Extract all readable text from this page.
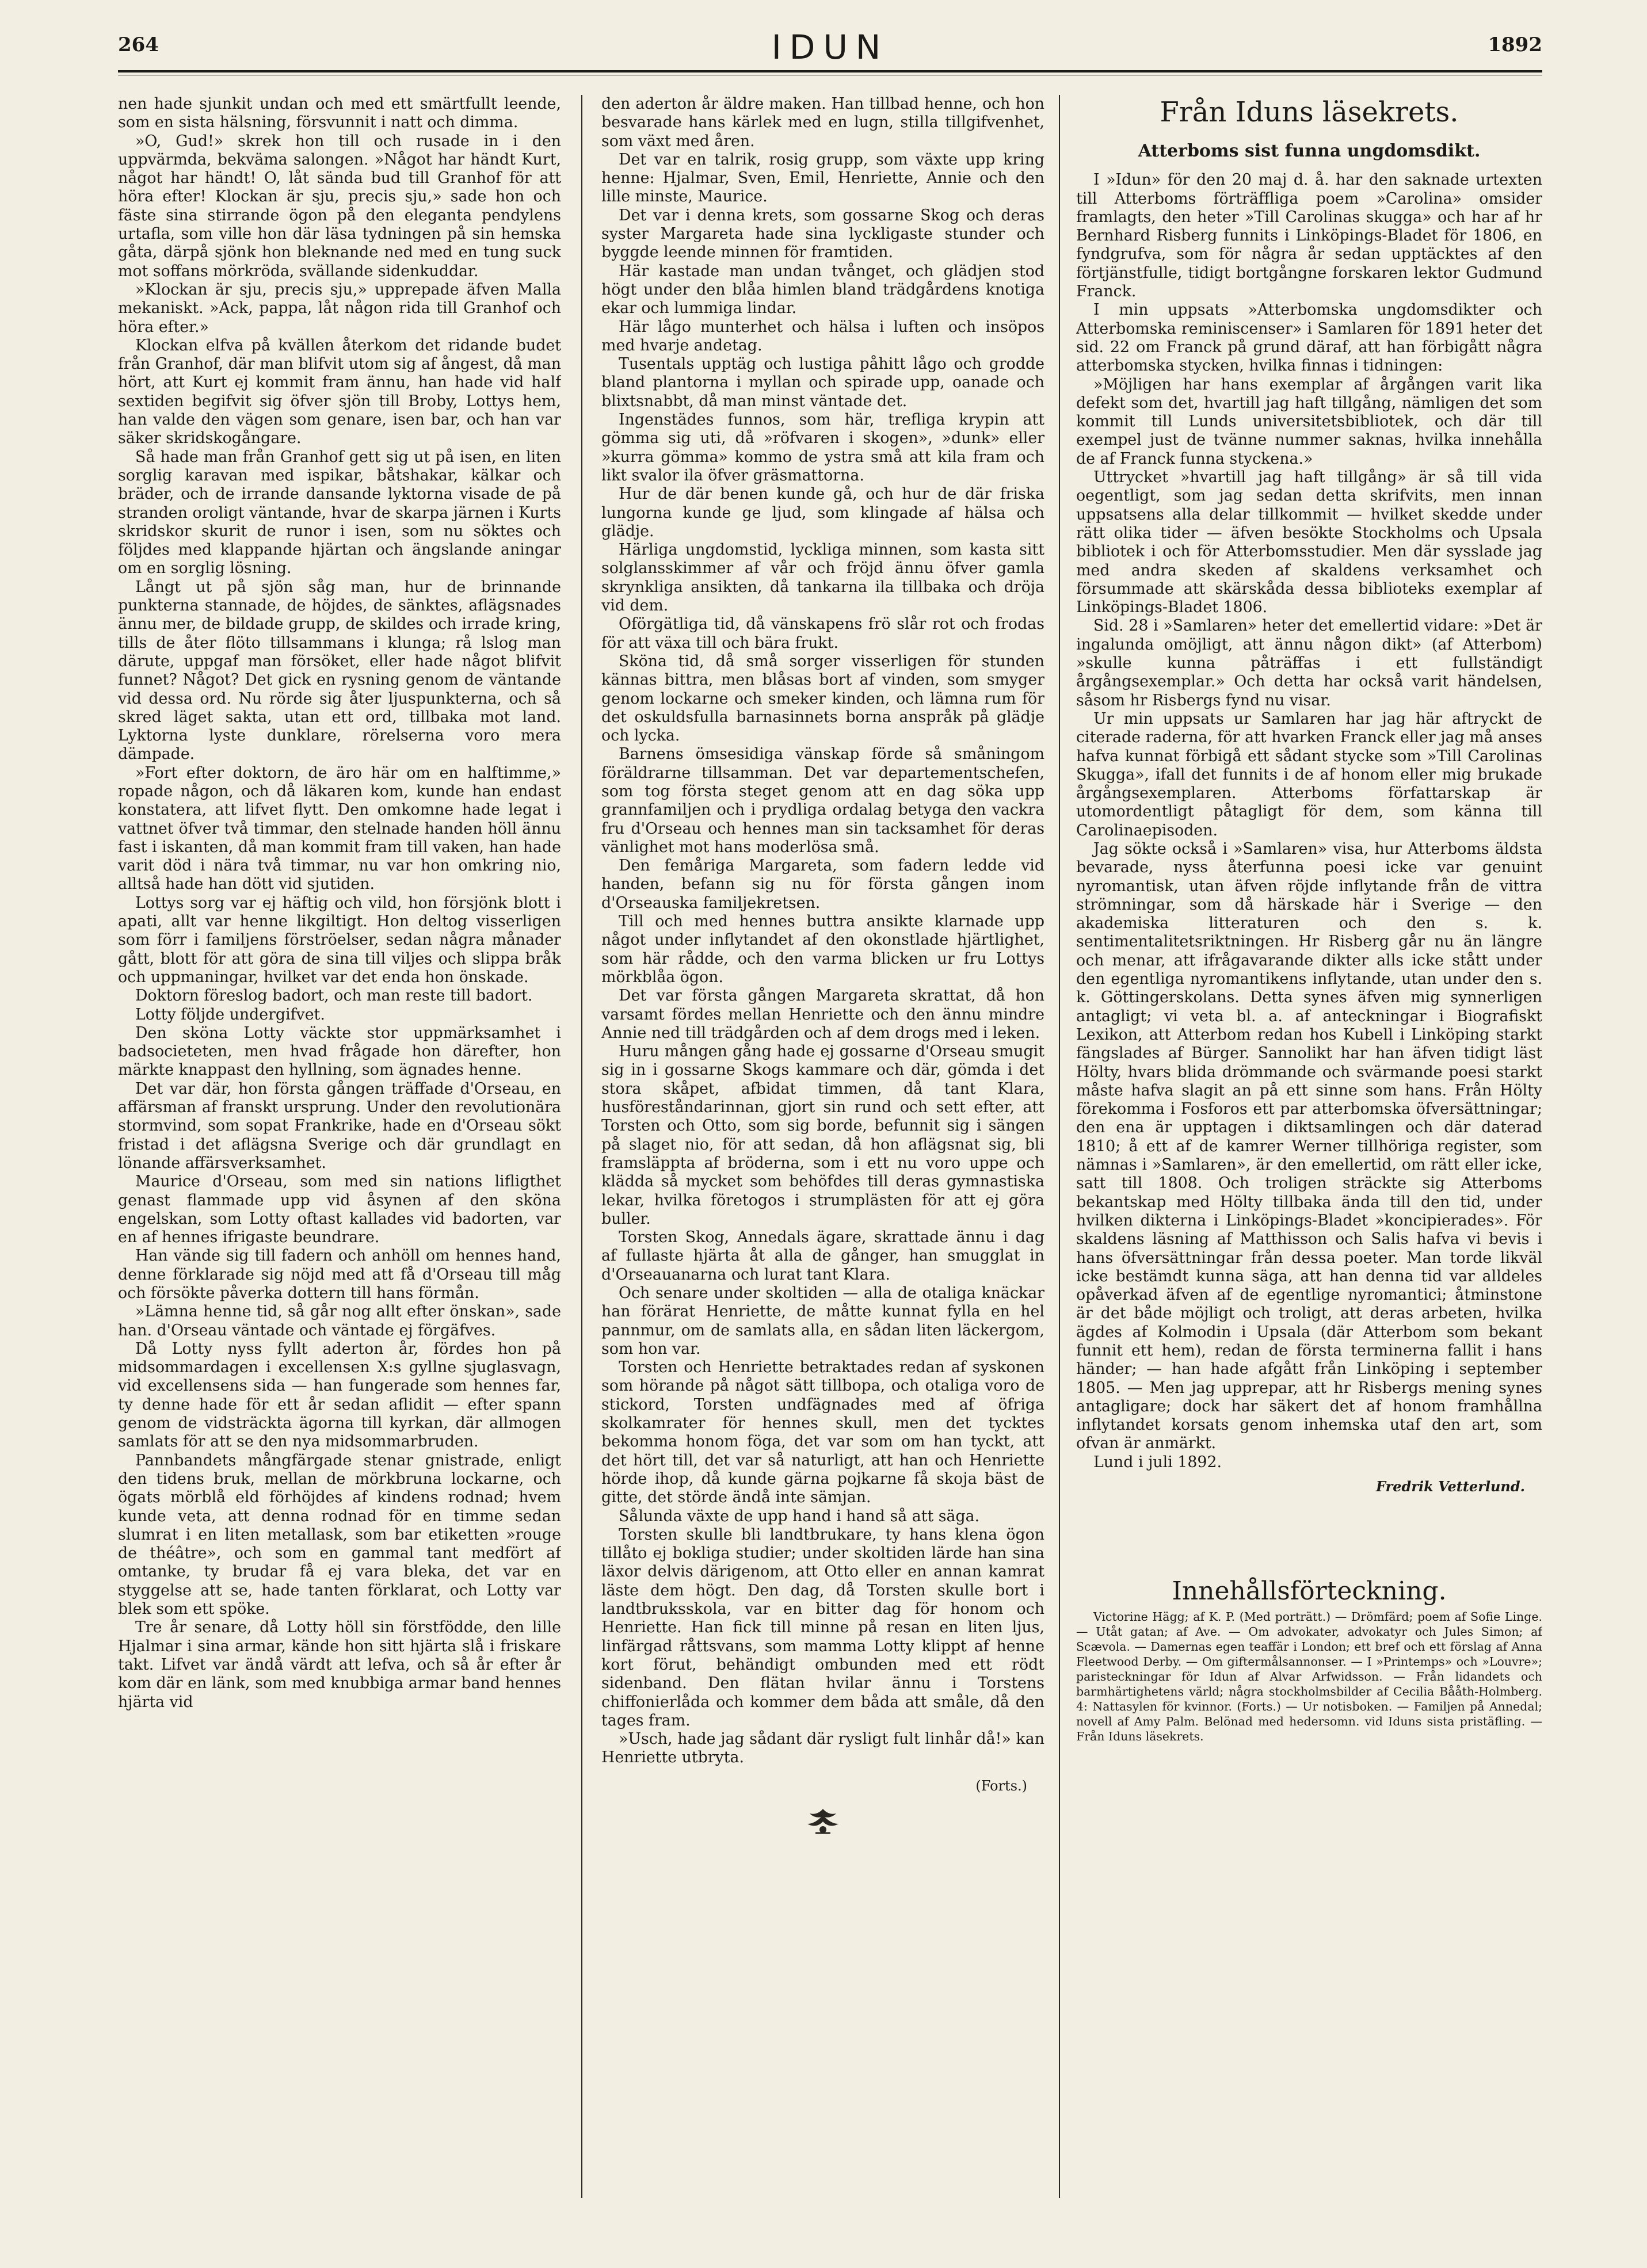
264	IDUN	1892

nen hade sjunkit undan och med ett smärtfullt leende, som en sista hälsning, försvunnit i natt och dimma.

»O, Gud!» skrek hon till och rusade in i den uppvärmda, bekväma salongen. »Något har händt Kurt, något har händt! O, låt sända bud till Granhof för att höra efter! Klockan är sju, precis sju,» sade hon och fäste sina stirrande ögon på den eleganta pendylens urtafla, som ville hon där läsa tydningen på sin hemska gåta, därpå sjönk hon bleknande ned med en tung suck mot soffans mörkröda, svällande sidenkuddar.

»Klockan är sju, precis sju,» upprepade äfven Malla mekaniskt. »Ack, pappa, låt någon rida till Granhof och höra efter.»

Klockan elfva på kvällen återkom det ridande budet från Granhof, där man blifvit utom sig af ångest, då man hört, att Kurt ej kommit fram ännu, han hade vid half sextiden begifvit sig öfver sjön till Broby, Lottys hem, han valde den vägen som genare, isen bar, och han var säker skridskogångare.

Så hade man från Granhof gett sig ut på isen, en liten sorglig karavan med ispikar, båtshakar, kälkar och bräder, och de irrande dansande lyktorna visade de på stranden oroligt väntande, hvar de skarpa järnen i Kurts skridskor skurit de runor i isen, som nu söktes och följdes med klappande hjärtan och ängslande aningar om en sorglig lösning.

Långt ut på sjön såg man, hur de brinnande punkterna stannade, de höjdes, de sänktes, aflägsnades ännu mer, de bildade grupp, de skildes och irrade kring, tills de åter flöto tillsammans i klunga; rå lslog man därute, uppgaf man försöket, eller hade något blifvit funnet? Något? Det gick en rysning genom de väntande vid dessa ord. Nu rörde sig åter ljuspunkterna, och så skred läget sakta, utan ett ord, tillbaka mot land. Lyktorna lyste dunklare, rörelserna voro mera dämpade.

»Fort efter doktorn, de äro här om en halftimme,» ropade någon, och då läkaren kom, kunde han endast konstatera, att lifvet flytt. Den omkomne hade legat i vattnet öfver två timmar, den stelnade handen höll ännu fast i iskanten, då man kommit fram till vaken, han hade varit död i nära två timmar, nu var hon omkring nio, alltså hade han dött vid sjutiden.

Lottys sorg var ej häftig och vild, hon försjönk blott i apati, allt var henne likgiltigt. Hon deltog visserligen som förr i familjens förströelser, sedan några månader gått, blott för att göra de sina till viljes och slippa bråk och uppmaningar, hvilket var det enda hon önskade.

Doktorn föreslog badort, och man reste till badort.

Lotty följde undergifvet.

Den sköna Lotty väckte stor uppmärksamhet i badsocieteten, men hvad frågade hon därefter, hon märkte knappast den hyllning, som ägnades henne.

Det var där, hon första gången träffade d'Orseau, en affärsman af franskt ursprung. Under den revolutionära stormvind, som sopat Frankrike, hade en d'Orseau sökt fristad i det aflägsna Sverige och där grundlagt en lönande affärsverksamhet.

Maurice d'Orseau, som med sin nations lifligthet genast flammade upp vid åsynen af den sköna engelskan, som Lotty oftast kallades vid badorten, var en af hennes ifrigaste beundrare.

Han vände sig till fadern och anhöll om hennes hand, denne förklarade sig nöjd med att få d'Orseau till måg och försökte påverka dottern till hans förmån.

»Lämna henne tid, så går nog allt efter önskan», sade han. d'Orseau väntade och väntade ej förgäfves.

Då Lotty nyss fyllt aderton år, fördes hon på midsommardagen i excellensen X:s gyllne sjuglasvagn, vid excellensens sida — han fungerade som hennes far, ty denne hade för ett år sedan aflidit — efter spann genom de vidsträckta ägorna till kyrkan, där allmogen samlats för att se den nya midsommarbruden.

Pannbandets mångfärgade stenar gnistrade, enligt den tidens bruk, mellan de mörkbruna lockarne, och ögats mörblå eld förhöjdes af kindens rodnad; hvem kunde veta, att denna rodnad för en timme sedan slumrat i en liten metallask, som bar etiketten »rouge de théâtre», och som en gammal tant medfört af omtanke, ty brudar få ej vara bleka, det var en styggelse att se, hade tanten förklarat, och Lotty var blek som ett spöke.

Tre år senare, då Lotty höll sin förstfödde, den lille Hjalmar i sina armar, kände hon sitt hjärta slå i friskare takt. Lifvet var ändå värdt att lefva, och så år efter år kom där en länk, som med knubbiga armar band hennes hjärta vid

den aderton år äldre maken. Han tillbad henne, och hon besvarade hans kärlek med en lugn, stilla tillgifvenhet, som växt med åren.

Det var en talrik, rosig grupp, som växte upp kring henne: Hjalmar, Sven, Emil, Henriette, Annie och den lille minste, Maurice.

Det var i denna krets, som gossarne Skog och deras syster Margareta hade sina lyckligaste stunder och byggde leende minnen för framtiden.

Här kastade man undan tvånget, och glädjen stod högt under den blåa himlen bland trädgårdens knotiga ekar och lummiga lindar.

Här lågo munterhet och hälsa i luften och insöpos med hvarje andetag.

Tusentals upptäg och lustiga påhitt lågo och grodde bland plantorna i myllan och spirade upp, oanade och blixtsnabbt, då man minst väntade det.

Ingenstädes funnos, som här, trefliga krypin att gömma sig uti, då »röfvaren i skogen», »dunk» eller »kurra gömma» kommo de ystra små att kila fram och likt svalor ila öfver gräsmattorna.

Hur de där benen kunde gå, och hur de där friska lungorna kunde ge ljud, som klingade af hälsa och glädje.

Härliga ungdomstid, lyckliga minnen, som kasta sitt solglansskimmer af vår och fröjd ännu öfver gamla skrynkliga ansikten, då tankarna ila tillbaka och dröja vid dem.

Oförgätliga tid, då vänskapens frö slår rot och frodas för att växa till och bära frukt.

Sköna tid, då små sorger visserligen för stunden kännas bittra, men blåsas bort af vinden, som smyger genom lockarne och smeker kinden, och lämna rum för det oskuldsfulla barnasinnets borna anspråk på glädje och lycka.

Barnens ömsesidiga vänskap förde så småningom föräldrarne tillsamman. Det var departementschefen, som tog första steget genom att en dag söka upp grannfamiljen och i prydliga ordalag betyga den vackra fru d'Orseau och hennes man sin tacksamhet för deras vänlighet mot hans moderlösa små.

Den femåriga Margareta, som fadern ledde vid handen, befann sig nu för första gången inom d'Orseauska familjekretsen.

Till och med hennes buttra ansikte klarnade upp något under inflytandet af den okonstlade hjärtlighet, som här rådde, och den varma blicken ur fru Lottys mörkblåa ögon.

Det var första gången Margareta skrattat, då hon varsamt fördes mellan Henriette och den ännu mindre Annie ned till trädgården och af dem drogs med i leken.

Huru mången gång hade ej gossarne d'Orseau smugit sig in i gossarne Skogs kammare och där, gömda i det stora skåpet, afbidat timmen, då tant Klara, husföreståndarinnan, gjort sin rund och sett efter, att Torsten och Otto, som sig borde, befunnit sig i sängen på slaget nio, för att sedan, då hon aflägsnat sig, bli framsläppta af bröderna, som i ett nu voro uppe och klädda så mycket som behöfdes till deras gymnastiska lekar, hvilka företogos i strumplästen för att ej göra buller.

Torsten Skog, Annedals ägare, skrattade ännu i dag af fullaste hjärta åt alla de gånger, han smugglat in d'Orseauanarna och lurat tant Klara.

Och senare under skoltiden — alla de otaliga knäckar han förärat Henriette, de måtte kunnat fylla en hel pannmur, om de samlats alla, en sådan liten läckergom, som hon var.

Torsten och Henriette betraktades redan af syskonen som hörande på något sätt tillbopa, och otaliga voro de stickord, Torsten undfägnades med af öfriga skolkamrater för hennes skull, men det tycktes bekomma honom föga, det var som om han tyckt, att det hört till, det var så naturligt, att han och Henriette hörde ihop, då kunde gärna pojkarne få skoja bäst de gitte, det störde ändå inte sämjan.

Sålunda växte de upp hand i hand så att säga.

Torsten skulle bli landtbrukare, ty hans klena ögon tillåto ej bokliga studier; under skoltiden lärde han sina läxor delvis därigenom, att Otto eller en annan kamrat läste dem högt. Den dag, då Torsten skulle bort i landtbruksskola, var en bitter dag för honom och Henriette. Han fick till minne på resan en liten ljus, linfärgad råttsvans, som mamma Lotty klippt af henne kort förut, behändigt ombunden med ett rödt sidenband. Den flätan hvilar ännu i Torstens chiffonierlåda och kommer dem båda att småle, då den tages fram.

»Usch, hade jag sådant där rysligt fult linhår då!» kan Henriette utbryta.

(Forts.)
Från Iduns läsekrets.
Atterboms sist funna ungdomsdikt.

I »Idun» för den 20 maj d. å. har den saknade urtexten till Atterboms förträffliga poem »Carolina» omsider framlagts, den heter »Till Carolinas skugga» och har af hr Bernhard Risberg funnits i Linköpings-Bladet för 1806, en fyndgrufva, som för några år sedan upptäcktes af den förtjänstfulle, tidigt bortgångne forskaren lektor Gudmund Franck.

I min uppsats »Atterbomska ungdomsdikter och Atterbomska reminiscenser» i Samlaren för 1891 heter det sid. 22 om Franck på grund däraf, att han förbigått några atterbomska stycken, hvilka finnas i tidningen:

»Möjligen har hans exemplar af årgången varit lika defekt som det, hvartill jag haft tillgång, nämligen det som kommit till Lunds universitetsbibliotek, och där till exempel just de tvänne nummer saknas, hvilka innehålla de af Franck funna styckena.»

Uttrycket »hvartill jag haft tillgång» är så till vida oegentligt, som jag sedan detta skrifvits, men innan uppsatsens alla delar tillkommit — hvilket skedde under rätt olika tider — äfven besökte Stockholms och Upsala bibliotek i och för Atterbomsstudier. Men där sysslade jag med andra skeden af skaldens verksamhet och försummade att skärskåda dessa biblioteks exemplar af Linköpings-Bladet 1806.

Sid. 28 i »Samlaren» heter det emellertid vidare: »Det är ingalunda omöjligt, att ännu någon dikt» (af Atterbom) »skulle kunna påträffas i ett fullständigt årgångsexemplar.» Och detta har också varit händelsen, såsom hr Risbergs fynd nu visar.

Ur min uppsats ur Samlaren har jag här aftryckt de citerade raderna, för att hvarken Franck eller jag må anses hafva kunnat förbigå ett sådant stycke som »Till Carolinas Skugga», ifall det funnits i de af honom eller mig brukade årgångsexemplaren. Atterboms författarskap är utomordentligt påtagligt för dem, som känna till Carolinaepisoden.

Jag sökte också i »Samlaren» visa, hur Atterboms äldsta bevarade, nyss återfunna poesi icke var genuint nyromantisk, utan äfven röjde inflytande från de vittra strömningar, som då härskade här i Sverige — den akademiska litteraturen och den s. k. sentimentalitetsriktningen. Hr Risberg går nu än längre och menar, att ifrågavarande dikter alls icke stått under den egentliga nyromantikens inflytande, utan under den s. k. Göttingerskolans. Detta synes äfven mig synnerligen antagligt; vi veta bl. a. af anteckningar i Biografiskt Lexikon, att Atterbom redan hos Kubell i Linköping starkt fängslades af Bürger. Sannolikt har han äfven tidigt läst Hölty, hvars blida drömmande och svärmande poesi starkt måste hafva slagit an på ett sinne som hans. Från Hölty förekomma i Fosforos ett par atterbomska öfversättningar; den ena är upptagen i diktsamlingen och där daterad 1810; å ett af de kamrer Werner tillhöriga register, som nämnas i »Samlaren», är den emellertid, om rätt eller icke, satt till 1808. Och troligen sträckte sig Atterboms bekantskap med Hölty tillbaka ända till den tid, under hvilken dikterna i Linköpings-Bladet »koncipierades». För skaldens läsning af Matthisson och Salis hafva vi bevis i hans öfversättningar från dessa poeter. Man torde likväl icke bestämdt kunna säga, att han denna tid var alldeles opåverkad äfven af de egentlige nyromantici; åtminstone är det både möjligt och troligt, att deras arbeten, hvilka ägdes af Kolmodin i Upsala (där Atterbom som bekant funnit ett hem), redan de första terminerna fallit i hans händer; — han hade afgått från Linköping i september 1805. — Men jag upprepar, att hr Risbergs mening synes antagligare; dock har säkert det af honom framhållna inflytandet korsats genom inhemska utaf den art, som ofvan är anmärkt.

Lund i juli 1892.

Fredrik Vetterlund.
Innehållsförteckning.

Victorine Hägg; af K. P. (Med porträtt.) — Drömfärd; poem af Sofie Linge. — Utåt gatan; af Ave. — Om advokater, advokatyr och Jules Simon; af Scævola. — Damernas egen teaffär i London; ett bref och ett förslag af Anna Fleetwood Derby. — Om giftermålsannonser. — I »Printemps» och »Louvre»; paristeckningar för Idun af Alvar Arfwidsson. — Från lidandets och barmhärtighetens värld; några stockholmsbilder af Cecilia Bååth-Holmberg. 4: Nattasylen för kvinnor. (Forts.) — Ur notisboken. — Familjen på Annedal; novell af Amy Palm. Belönad med hedersomn. vid Iduns sista pristäfling. — Från Iduns läsekrets.
